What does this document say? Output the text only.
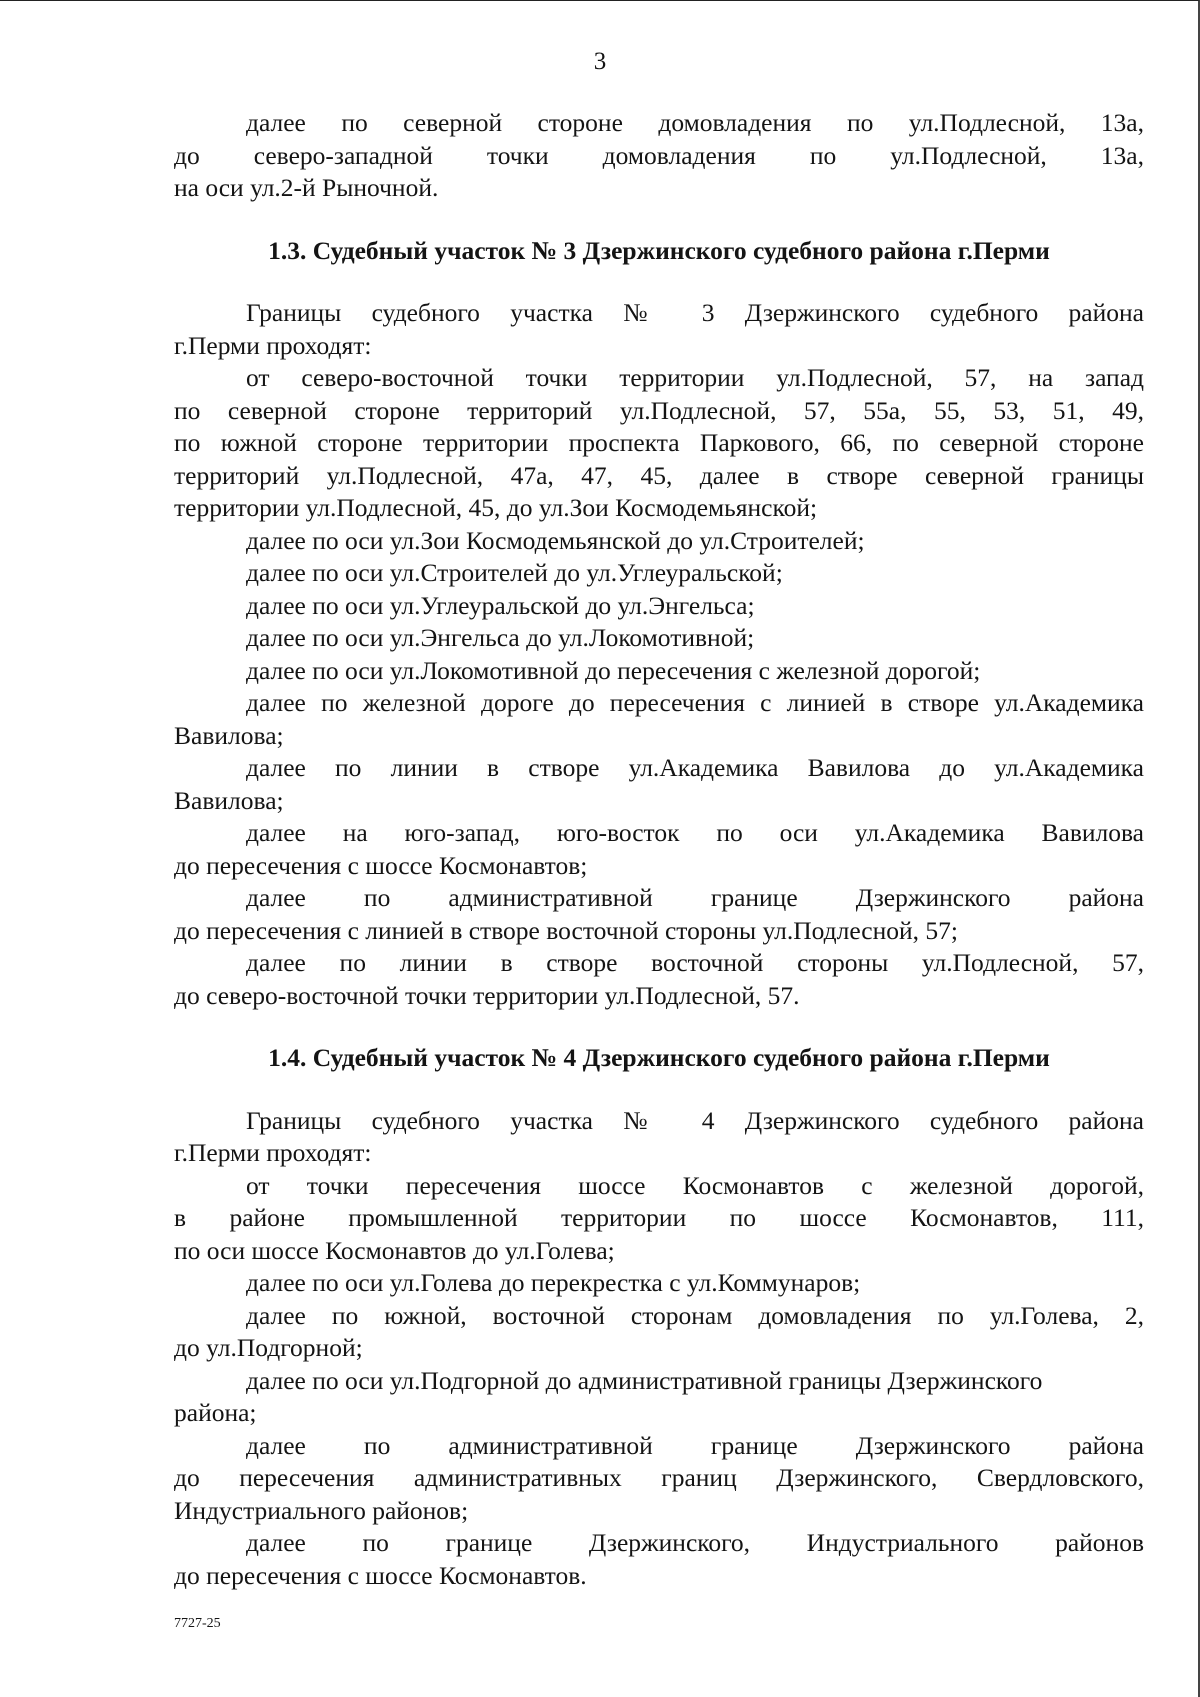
3
далее по северной стороне домовладения по ул.Подлесной, 13а,
до северо-западной точки домовладения по ул.Подлесной, 13а,
на оси ул.2-й Рыночной.
1.3. Судебный участок № 3 Дзержинского судебного района г.Перми
Границы судебного участка № 3 Дзержинского судебного района
г.Перми проходят:
от северо-восточной точки территории ул.Подлесной, 57, на запад
по северной стороне территорий ул.Подлесной, 57, 55а, 55, 53, 51, 49,
по южной стороне территории проспекта Паркового, 66, по северной стороне
территорий ул.Подлесной, 47а, 47, 45, далее в створе северной границы
территории ул.Подлесной, 45, до ул.Зои Космодемьянской;
далее по оси ул.Зои Космодемьянской до ул.Строителей;
далее по оси ул.Строителей до ул.Углеуральской;
далее по оси ул.Углеуральской до ул.Энгельса;
далее по оси ул.Энгельса до ул.Локомотивной;
далее по оси ул.Локомотивной до пересечения с железной дорогой;
далее по железной дороге до пересечения с линией в створе ул.Академика
Вавилова;
далее по линии в створе ул.Академика Вавилова до ул.Академика
Вавилова;
далее на юго-запад, юго-восток по оси ул.Академика Вавилова
до пересечения с шоссе Космонавтов;
далее по административной границе Дзержинского района
до пересечения с линией в створе восточной стороны ул.Подлесной, 57;
далее по линии в створе восточной стороны ул.Подлесной, 57,
до северо-восточной точки территории ул.Подлесной, 57.
1.4. Судебный участок № 4 Дзержинского судебного района г.Перми
Границы судебного участка № 4 Дзержинского судебного района
г.Перми проходят:
от точки пересечения шоссе Космонавтов с железной дорогой,
в районе промышленной территории по шоссе Космонавтов, 111,
по оси шоссе Космонавтов до ул.Голева;
далее по оси ул.Голева до перекрестка с ул.Коммунаров;
далее по южной, восточной сторонам домовладения по ул.Голева, 2,
до ул.Подгорной;
далее по оси ул.Подгорной до административной границы Дзержинского
района;
далее по административной границе Дзержинского района
до пересечения административных границ Дзержинского, Свердловского,
Индустриального районов;
далее по границе Дзержинского, Индустриального районов
до пересечения с шоссе Космонавтов.
7727-25
